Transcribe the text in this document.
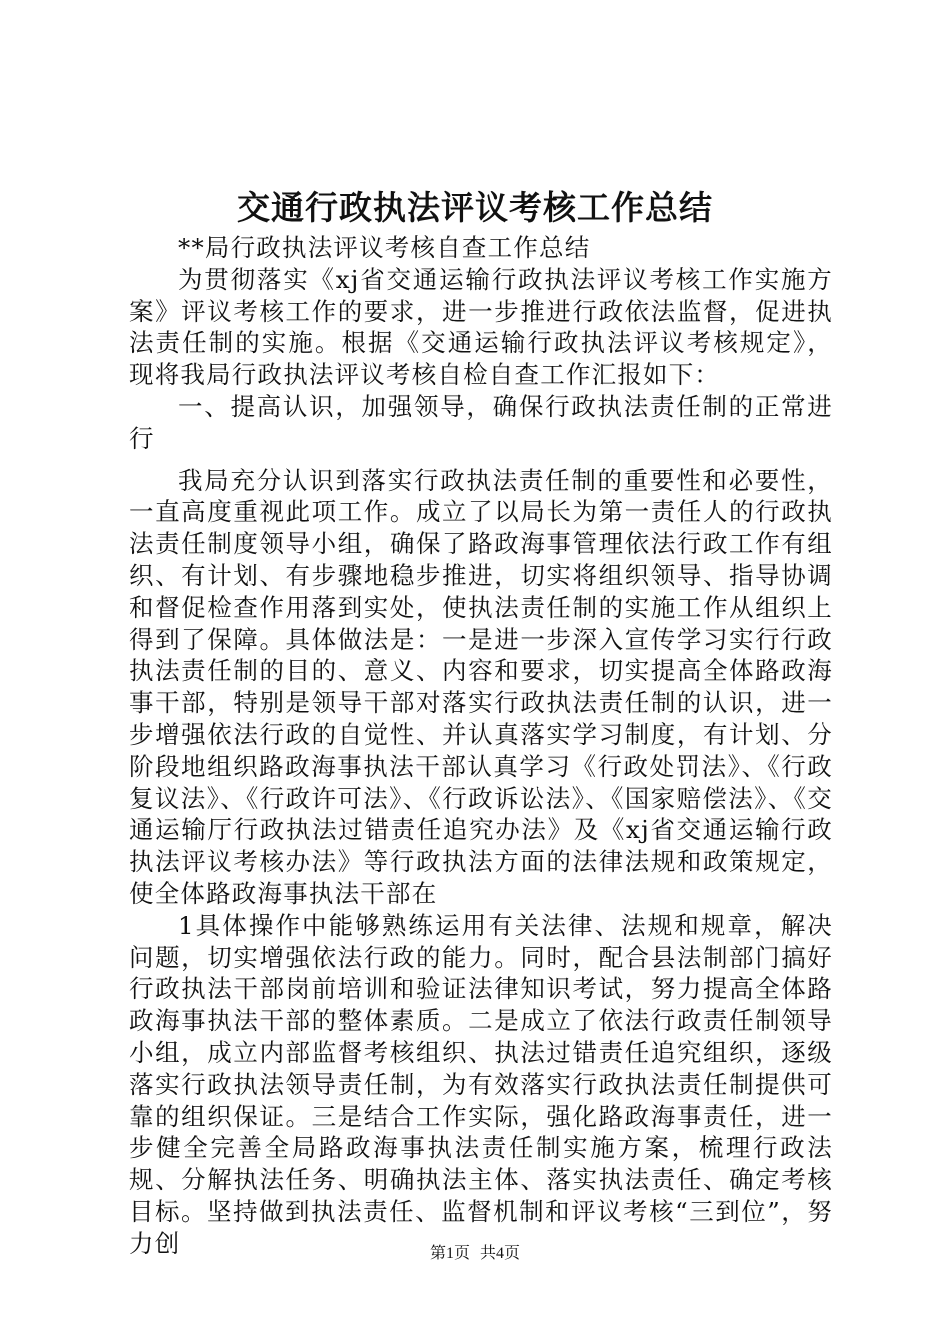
交通行政执法评议考核工作总结

**局行政执法评议考核自查工作总结

为贯彻落实《xj省交通运输行政执法评议考核工作实施方案》评议考核工作的要求，进一步推进行政依法监督，促进执法责任制的实施。根据《交通运输行政执法评议考核规定》，现将我局行政执法评议考核自检自查工作汇报如下：

一、提高认识，加强领导，确保行政执法责任制的正常进行

我局充分认识到落实行政执法责任制的重要性和必要性，一直高度重视此项工作。成立了以局长为第一责任人的行政执法责任制度领导小组，确保了路政海事管理依法行政工作有组织、有计划、有步骤地稳步推进，切实将组织领导、指导协调和督促检查作用落到实处，使执法责任制的实施工作从组织上得到了保障。具体做法是：一是进一步深入宣传学习实行行政执法责任制的目的、意义、内容和要求，切实提高全体路政海事干部，特别是领导干部对落实行政执法责任制的认识，进一步增强依法行政的自觉性、并认真落实学习制度，有计划、分阶段地组织路政海事执法干部认真学习《行政处罚法》、《行政复议法》、《行政许可法》、《行政诉讼法》、《国家赔偿法》、《交通运输厅行政执法过错责任追究办法》及《xj省交通运输行政执法评议考核办法》等行政执法方面的法律法规和政策规定，使全体路政海事执法干部在

1具体操作中能够熟练运用有关法律、法规和规章，解决问题，切实增强依法行政的能力。同时，配合县法制部门搞好行政执法干部岗前培训和验证法律知识考试，努力提高全体路政海事执法干部的整体素质。二是成立了依法行政责任制领导小组，成立内部监督考核组织、执法过错责任追究组织，逐级落实行政执法领导责任制，为有效落实行政执法责任制提供可靠的组织保证。三是结合工作实际，强化路政海事责任，进一步健全完善全局路政海事执法责任制实施方案，梳理行政法规、分解执法任务、明确执法主体、落实执法责任、确定考核目标。坚持做到执法责任、监督机制和评议考核“三到位”，努力创	第1页 共4页
